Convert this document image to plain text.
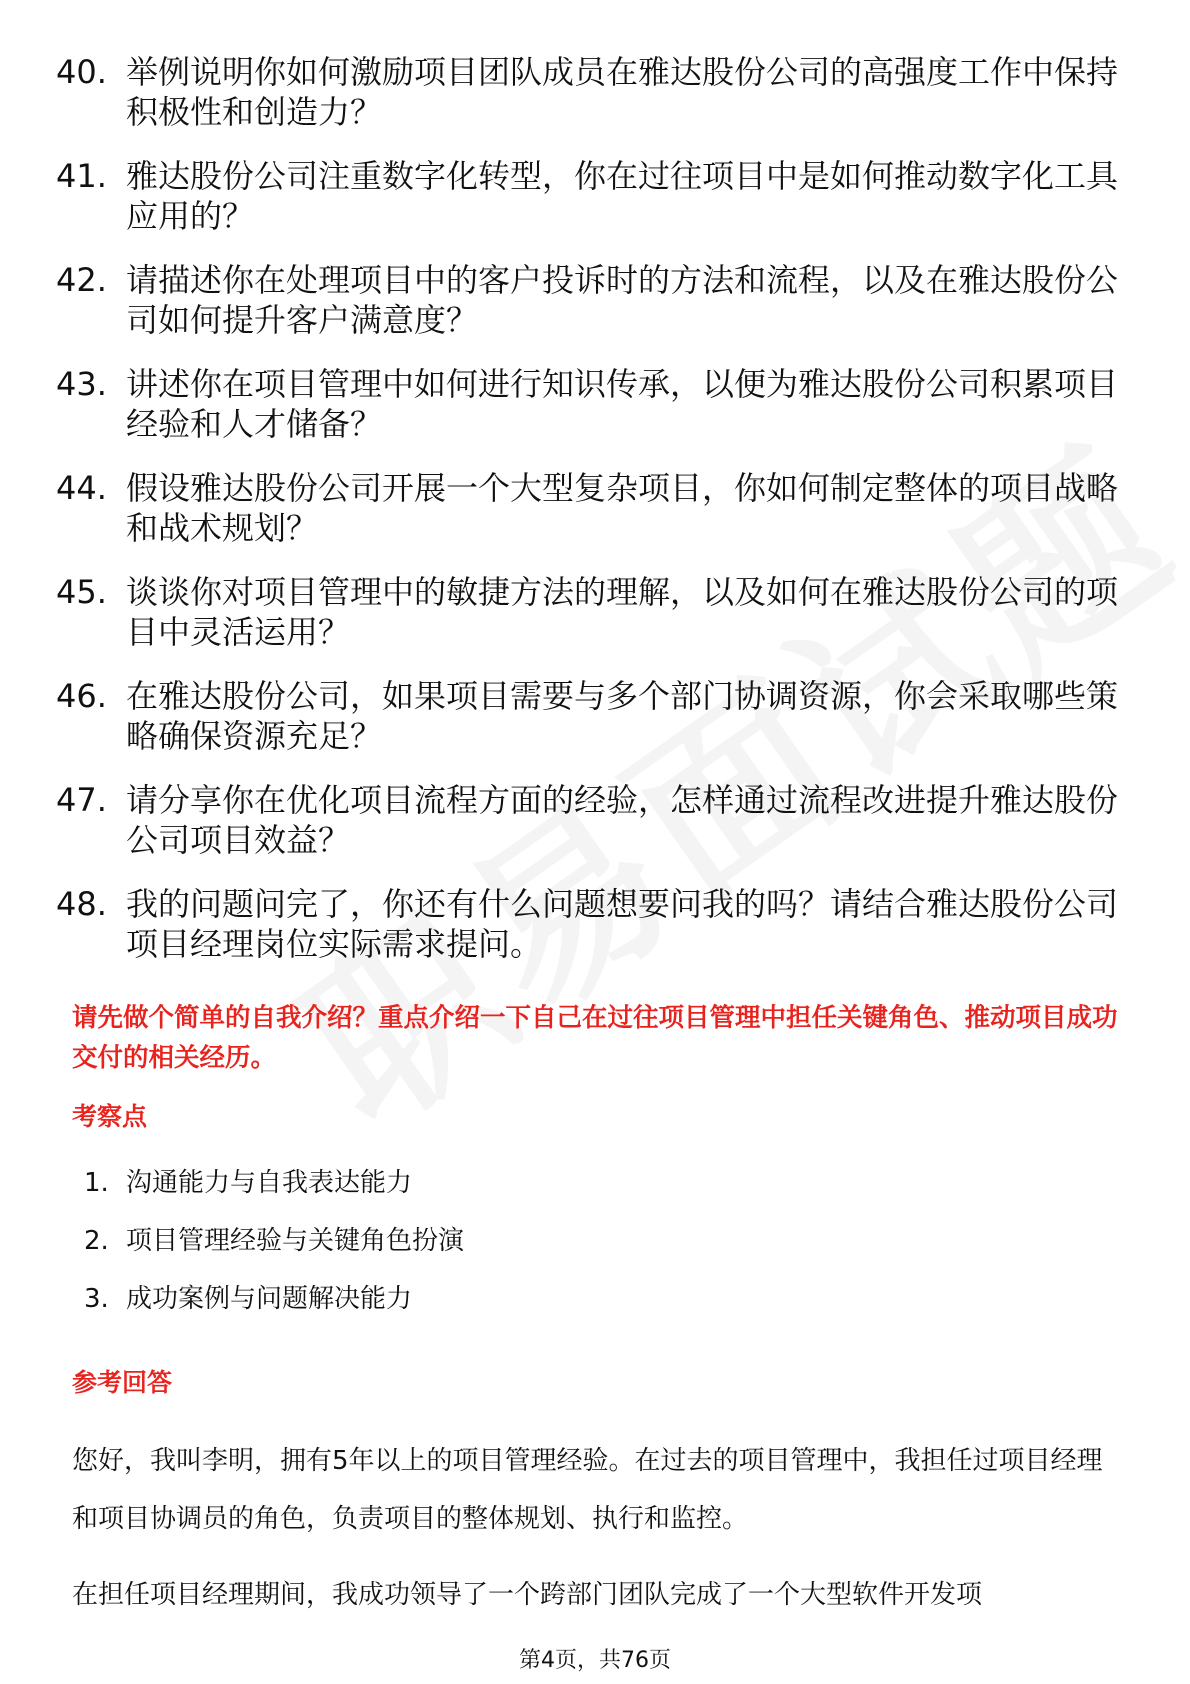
40. 举例说明你如何激励项目团队成员在雅达股份公司的高强度工作中保持积极性和创造力？
41. 雅达股份公司注重数字化转型，你在过往项目中是如何推动数字化工具应用的？
42. 请描述你在处理项目中的客户投诉时的方法和流程，以及在雅达股份公司如何提升客户满意度？
43. 讲述你在项目管理中如何进行知识传承，以便为雅达股份公司积累项目经验和人才储备？
44. 假设雅达股份公司开展一个大型复杂项目，你如何制定整体的项目战略和战术规划？
45. 谈谈你对项目管理中的敏捷方法的理解，以及如何在雅达股份公司的项目中灵活运用？
46. 在雅达股份公司，如果项目需要与多个部门协调资源，你会采取哪些策略确保资源充足？
47. 请分享你在优化项目流程方面的经验，怎样通过流程改进提升雅达股份公司项目效益？
48. 我的问题问完了，你还有什么问题想要问我的吗？请结合雅达股份公司项目经理岗位实际需求提问。
请先做个简单的自我介绍？重点介绍一下自己在过往项目管理中担任关键角色、推动项目成功交付的相关经历。
考察点
1. 沟通能力与自我表达能力
2. 项目管理经验与关键角色扮演
3. 成功案例与问题解决能力
参考回答
您好，我叫李明，拥有5年以上的项目管理经验。在过去的项目管理中，我担任过项目经理和项目协调员的角色，负责项目的整体规划、执行和监控。
在担任项目经理期间，我成功领导了一个跨部门团队完成了一个大型软件开发项
第4页，共76页
